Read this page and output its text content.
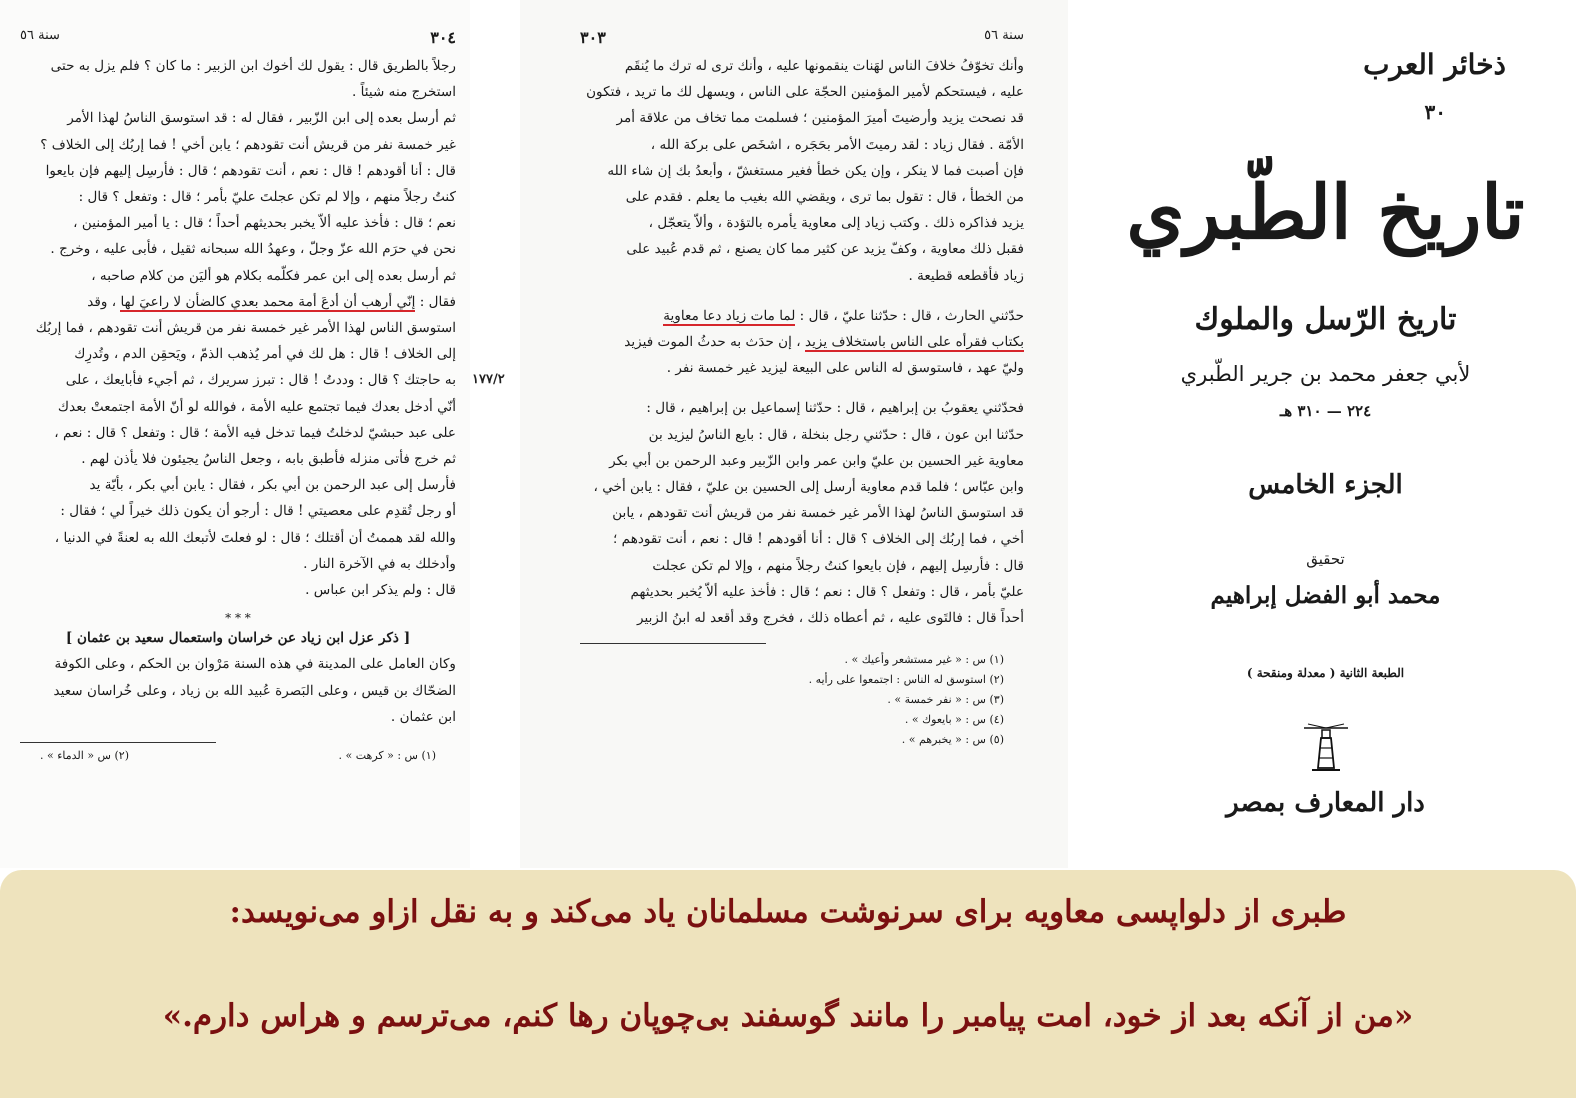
٣٠٤
سنة ٥٦
رجلاً بالطريق قال : يقول لك أخوك ابن الزبير : ما كان ؟ فلم يزل به حتى
استخرج منه شيئاً .
ثم أرسل بعده إلى ابن الزّبير ، فقال له : قد استوسق الناسُ لهذا الأمر
غير خمسة نفر من قريش أنت تقودهم ؛ يابن أخي ! فما إربُك إلى الخلاف ؟
قال : أنا أقودهم ! قال : نعم ، أنت تقودهم ؛ قال : فأرسِل إليهم فإن بايعوا
كنتُ رجلاً منهم ، وإلا لم تكن عجلتَ عليّ بأمر ؛ قال : وتفعل ؟ قال :
نعم ؛ قال : فأخذ عليه ألاّ يخبر بحديثهم أحداً ؛ قال : يا أمير المؤمنين ،
نحن في حرَم الله عزّ وجلّ ، وعهدُ الله سبحانه ثقيل ، فأبى عليه ، وخرج .
ثم أرسل بعده إلى ابن عمر فكلّمه بكلام هو أليَن من كلام صاحبه ،
فقال : إنّي أرهب أن أدعَ أمة محمد بعدي كالضأن لا راعيَ لها ، وقد
استوسق الناس لهذا الأمر غير خمسة نفر من قريش أنت تقودهم ، فما إربُك
إلى الخلاف ! قال : هل لك في أمر يُذهب الذمّ ، ويَحقِن الدم ، وتُدرِك
به حاجتك ؟ قال : وددتُ ! قال : تبرز سريرك ، ثم أجيء فأبايعك ، على
أنّي أدخل بعدك فيما تجتمع عليه الأمة ، فوالله لو أنّ الأمة اجتمعتْ بعدك
على عبد حبشيّ لدخلتُ فيما تدخل فيه الأمة ؛ قال : وتفعل ؟ قال : نعم ،
ثم خرج فأتى منزله فأطبق بابه ، وجعل الناسُ يجيئون فلا يأذن لهم .
فأرسل إلى عبد الرحمن بن أبي بكر ، فقال : يابن أبي بكر ، بأيّة يد
أو رجل تُقدِم على معصيتي ! قال : أرجو أن يكون ذلك خيراً لي ؛ فقال :
والله لقد هممتُ أن أقتلك ؛ قال : لو فعلتَ لأتبعك الله به لعنةً في الدنيا ،
وأدخلك به في الآخرة النار .
قال : ولم يذكر ابن عباس .
* * *
[ ذكر عزل ابن زياد عن خراسان واستعمال سعيد بن عثمان ]
وكان العامل على المدينة في هذه السنة مَرْوان بن الحكم ، وعلى الكوفة
الضحّاك بن قيس ، وعلى البَصرة عُبيد الله بن زياد ، وعلى خُراسان سعيد
ابن عثمان .
(١) س : « كرهت » .
(٢) س « الدماء » .
١٧٧/٢
سنة ٥٦
٣٠٣
وأنك تخوّفُ خلافَ الناس لهَنات ينقمونها عليه ، وأنك ترى له ترك ما يُنقَم
عليه ، فيستحكم لأمير المؤمنين الحجّة على الناس ، ويسهل لك ما تريد ، فتكون
قد نصحت يزيد وأرضيتَ أميرَ المؤمنين ؛ فسلمت مما تخاف من علاقة أمر
الأمّة . فقال زياد : لقد رميتَ الأمر بحَجَره ، اشخَص على بركة الله ،
فإن أصبت فما لا ينكر ، وإن يكن خطأ فغير مستغشّ ، وأبعدُ بك إن شاء الله
من الخطأ ، قال : تقول بما ترى ، ويقضي الله بغيب ما يعلم . فقدم على
يزيد فذاكره ذلك . وكتب زياد إلى معاوية يأمره بالتؤدة ، وألاّ يتعجّل ،
فقبل ذلك معاوية ، وكفّ يزيد عن كثير مما كان يصنع ، ثم قدم عُبيد على
زياد فأقطعه قطيعة .
حدّثني الحارث ، قال : حدّثنا عليّ ، قال : لما مات زياد دعا معاوية
بكتاب فقرأه على الناس باستخلاف يزيد ، إن حدَث به حدثُ الموت فيزيد
وليّ عهد ، فاستوسق له الناس على البيعة ليزيد غير خمسة نفر .
فحدّثني يعقوبُ بن إبراهيم ، قال : حدّثنا إسماعيل بن إبراهيم ، قال :
حدّثنا ابن عون ، قال : حدّثني رجل بنخلة ، قال : بايع الناسُ ليزيد بن
معاوية غير الحسين بن عليّ وابن عمر وابن الزّبير وعبد الرحمن بن أبي بكر
وابن عبّاس ؛ فلما قدم معاوية أرسل إلى الحسين بن عليّ ، فقال : يابن أخي ،
قد استوسق الناسُ لهذا الأمر غير خمسة نفر من قريش أنت تقودهم ، يابن
أخي ، فما إربُك إلى الخلاف ؟ قال : أنا أقودهم ! قال : نعم ، أنت تقودهم ؛
قال : فأرسِل إليهم ، فإن بايعوا كنتُ رجلاً منهم ، وإلا لم تكن عجلت
عليّ بأمر ، قال : وتفعل ؟ قال : نعم ؛ قال : فأخذ عليه ألاّ يُخبر بحديثهم
أحداً قال : فالتَوى عليه ، ثم أعطاه ذلك ، فخرج وقد أقعد له ابنُ الزبير
(١) س : « غير مستشعر وأعيك » .
(٢) استوسق له الناس : اجتمعوا على رأيه .
(٣) س : « نفر خمسة » .
(٤) س : « بايعوك » .
(٥) س : « يخبرهم » .
ذخائر العرب
٣٠
تاريخ الطّبري
تاريخ الرّسل والملوك
لأبي جعفر محمد بن جرير الطّبري
٢٢٤ — ٣١٠ هـ
الجزء الخامس
تحقيق
محمد أبو الفضل إبراهيم
الطبعة الثانية ( معدلة ومنقحة )
دار المعارف بمصر
طبری از دلواپسی معاویه برای سرنوشت مسلمانان یاد می‌کند و به نقل ازاو می‌نویسد:
«من از آنکه بعد از خود، امت پیامبر را مانند گوسفند بی‌چوپان رها کنم، می‌ترسم و هراس دارم.»
